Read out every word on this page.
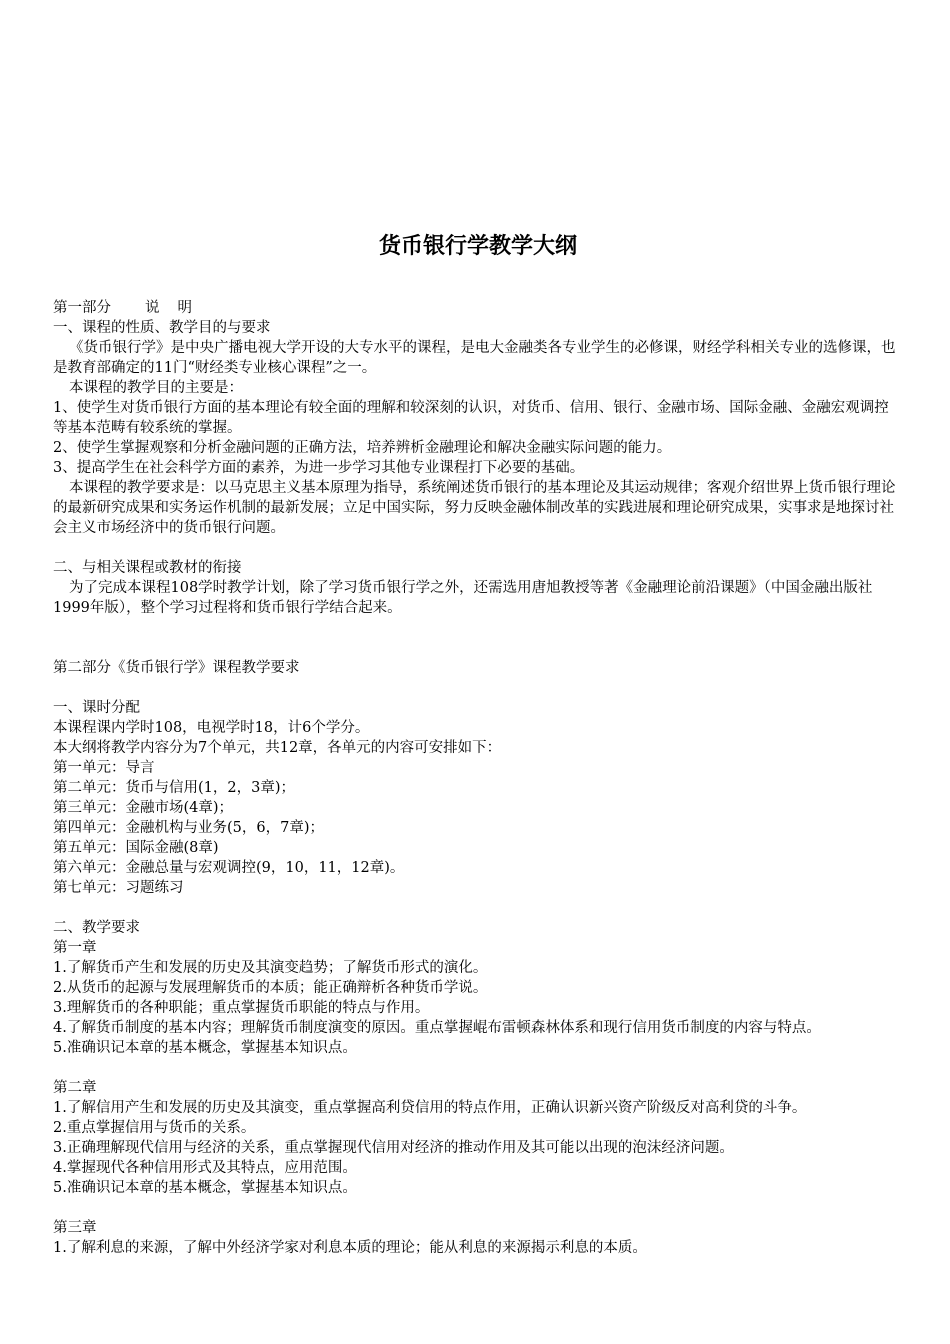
货币银行学教学大纲

第一部分 说 明

一、课程的性质、教学目的与要求

《货币银行学》是中央广播电视大学开设的大专水平的课程，是电大金融类各专业学生的必修课，财经学科相关专业的选修课，也是教育部确定的11门“财经类专业核心课程”之一。

本课程的教学目的主要是：

1、使学生对货币银行方面的基本理论有较全面的理解和较深刻的认识，对货币、信用、银行、金融市场、国际金融、金融宏观调控等基本范畴有较系统的掌握。

2、使学生掌握观察和分析金融问题的正确方法，培养辨析金融理论和解决金融实际问题的能力。

3、提高学生在社会科学方面的素养，为进一步学习其他专业课程打下必要的基础。

本课程的教学要求是：以马克思主义基本原理为指导，系统阐述货币银行的基本理论及其运动规律；客观介绍世界上货币银行理论的最新研究成果和实务运作机制的最新发展；立足中国实际，努力反映金融体制改革的实践进展和理论研究成果，实事求是地探讨社会主义市场经济中的货币银行问题。

二、与相关课程或教材的衔接

为了完成本课程108学时教学计划，除了学习货币银行学之外，还需选用唐旭教授等著《金融理论前沿课题》（中国金融出版社1999年版），整个学习过程将和货币银行学结合起来。

第二部分《货币银行学》课程教学要求

一、课时分配

本课程课内学时108，电视学时18，计6个学分。

本大纲将教学内容分为7个单元，共12章，各单元的内容可安排如下：

第一单元：导言

第二单元：货币与信用(1，2，3章)；

第三单元：金融市场(4章)；

第四单元：金融机构与业务(5，6，7章)；

第五单元：国际金融(8章)

第六单元：金融总量与宏观调控(9，10，11，12章)。

第七单元：习题练习

二、教学要求

第一章

1.了解货币产生和发展的历史及其演变趋势；了解货币形式的演化。

2.从货币的起源与发展理解货币的本质；能正确辩析各种货币学说。

3.理解货币的各种职能；重点掌握货币职能的特点与作用。

4.了解货币制度的基本内容；理解货币制度演变的原因。重点掌握崐布雷顿森林体系和现行信用货币制度的内容与特点。

5.准确识记本章的基本概念，掌握基本知识点。

第二章

1.了解信用产生和发展的历史及其演变，重点掌握高利贷信用的特点作用，正确认识新兴资产阶级反对高利贷的斗争。

2.重点掌握信用与货币的关系。

3.正确理解现代信用与经济的关系，重点掌握现代信用对经济的推动作用及其可能以出现的泡沫经济问题。

4.掌握现代各种信用形式及其特点，应用范围。

5.准确识记本章的基本概念，掌握基本知识点。

第三章

1.了解利息的来源，了解中外经济学家对利息本质的理论；能从利息的来源揭示利息的本质。
